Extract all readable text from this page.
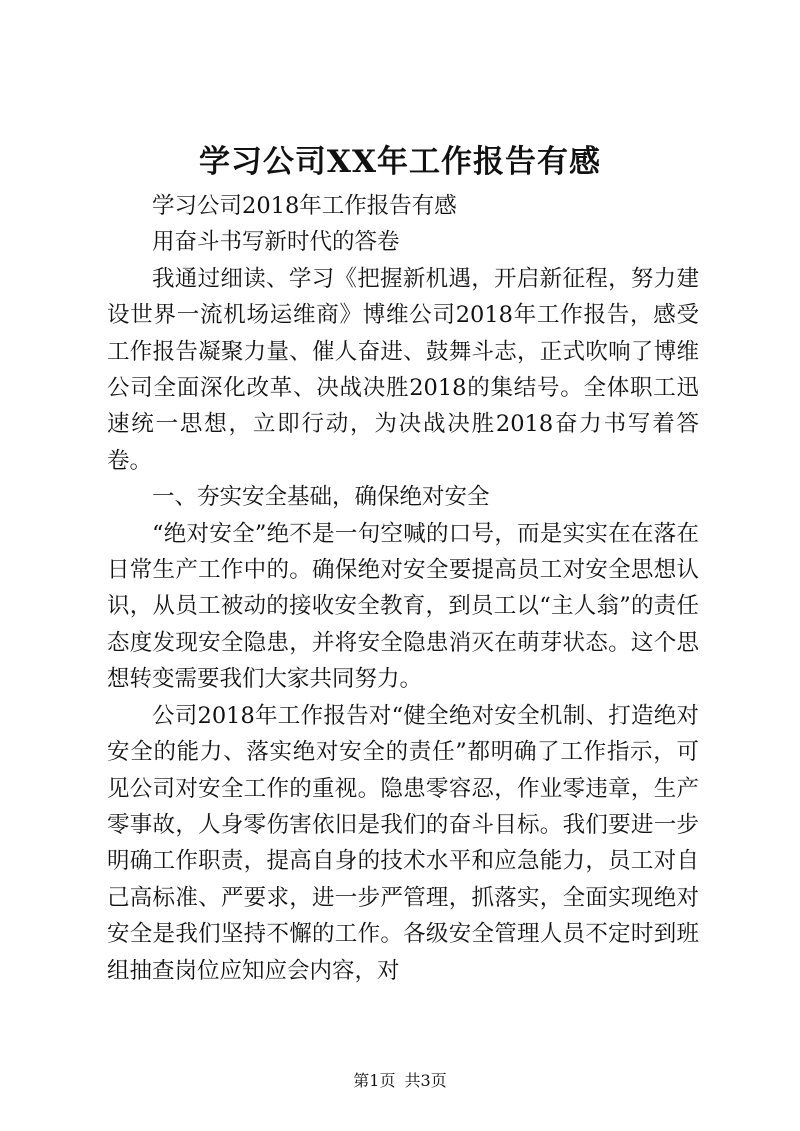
学习公司XX年工作报告有感

学习公司2018年工作报告有感

用奋斗书写新时代的答卷

我通过细读、学习《把握新机遇，开启新征程，努力建设世界一流机场运维商》博维公司2018年工作报告，感受工作报告凝聚力量、催人奋进、鼓舞斗志，正式吹响了博维公司全面深化改革、决战决胜2018的集结号。全体职工迅速统一思想，立即行动，为决战决胜2018奋力书写着答卷。

一、夯实安全基础，确保绝对安全

“绝对安全”绝不是一句空喊的口号，而是实实在在落在日常生产工作中的。确保绝对安全要提高员工对安全思想认识，从员工被动的接收安全教育，到员工以“主人翁”的责任态度发现安全隐患，并将安全隐患消灭在萌芽状态。这个思想转变需要我们大家共同努力。

公司2018年工作报告对“健全绝对安全机制、打造绝对安全的能力、落实绝对安全的责任”都明确了工作指示，可见公司对安全工作的重视。隐患零容忍，作业零违章，生产零事故，人身零伤害依旧是我们的奋斗目标。我们要进一步明确工作职责，提高自身的技术水平和应急能力，员工对自己高标准、严要求，进一步严管理，抓落实，全面实现绝对安全是我们坚持不懈的工作。各级安全管理人员不定时到班组抽查岗位应知应会内容，对

第1页 共3页
